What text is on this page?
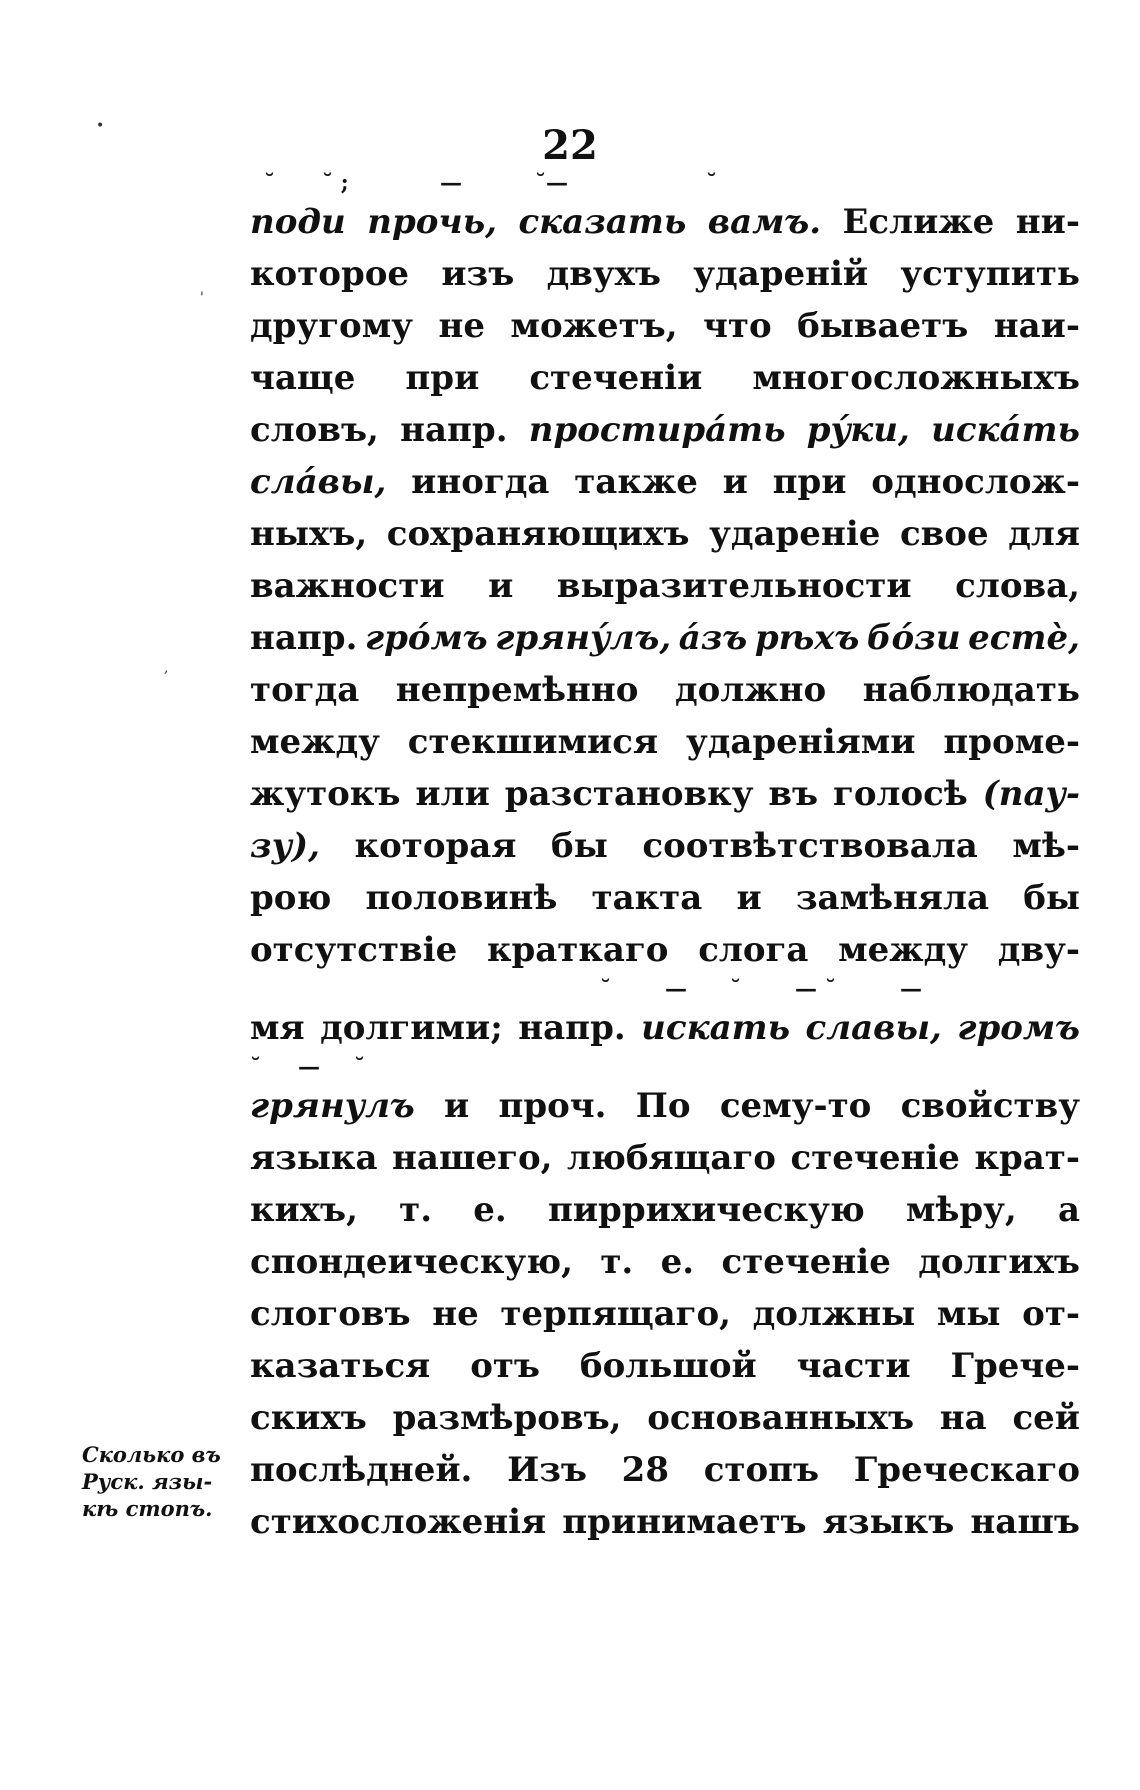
22
•
'
,
˘ ˘ ;	—	˘—	˘
поди прочь, сказать вамъ. Еслиже ни-
которое изъ двухъ удареній уступить
другому не можетъ, что бываетъ наи-
чаще при стеченіи многосложныхъ
словъ, напр. простирáть рýки, искáть
слáвы, иногда также и при однослож-
ныхъ, сохраняющихъ удареніе свое для
важности и выразительности слова,
напр. грóмъ грянýлъ, áзъ рѣхъ бóзи естѐ,
тогда непремѣнно должно наблюдать
между стекшимися удареніями проме-
жутокъ или разстановку въ голосѣ (пау-
зу), которая бы соотвѣтствовала мѣ-
рою половинѣ такта и замѣняла бы
отсутствіе краткаго слога между дву-
˘ — ˘ — ˘	—
мя долгими; напр. искать славы, громъ
˘ — ˘
грянулъ и проч. По сему-то свойству
языка нашего, любящаго стеченіе крат-
кихъ, т. е. пиррихическую мѣру, а
спондеическую, т. е. стеченіе долгихъ
слоговъ не терпящаго, должны мы от-
казаться отъ большой части Грече-
скихъ размѣровъ, основанныхъ на сей
послѣдней. Изъ 28 стопъ Греческаго
стихосложенія принимаетъ языкъ нашъ
Сколько въ
Руск. язы-
кѣ стопъ.
